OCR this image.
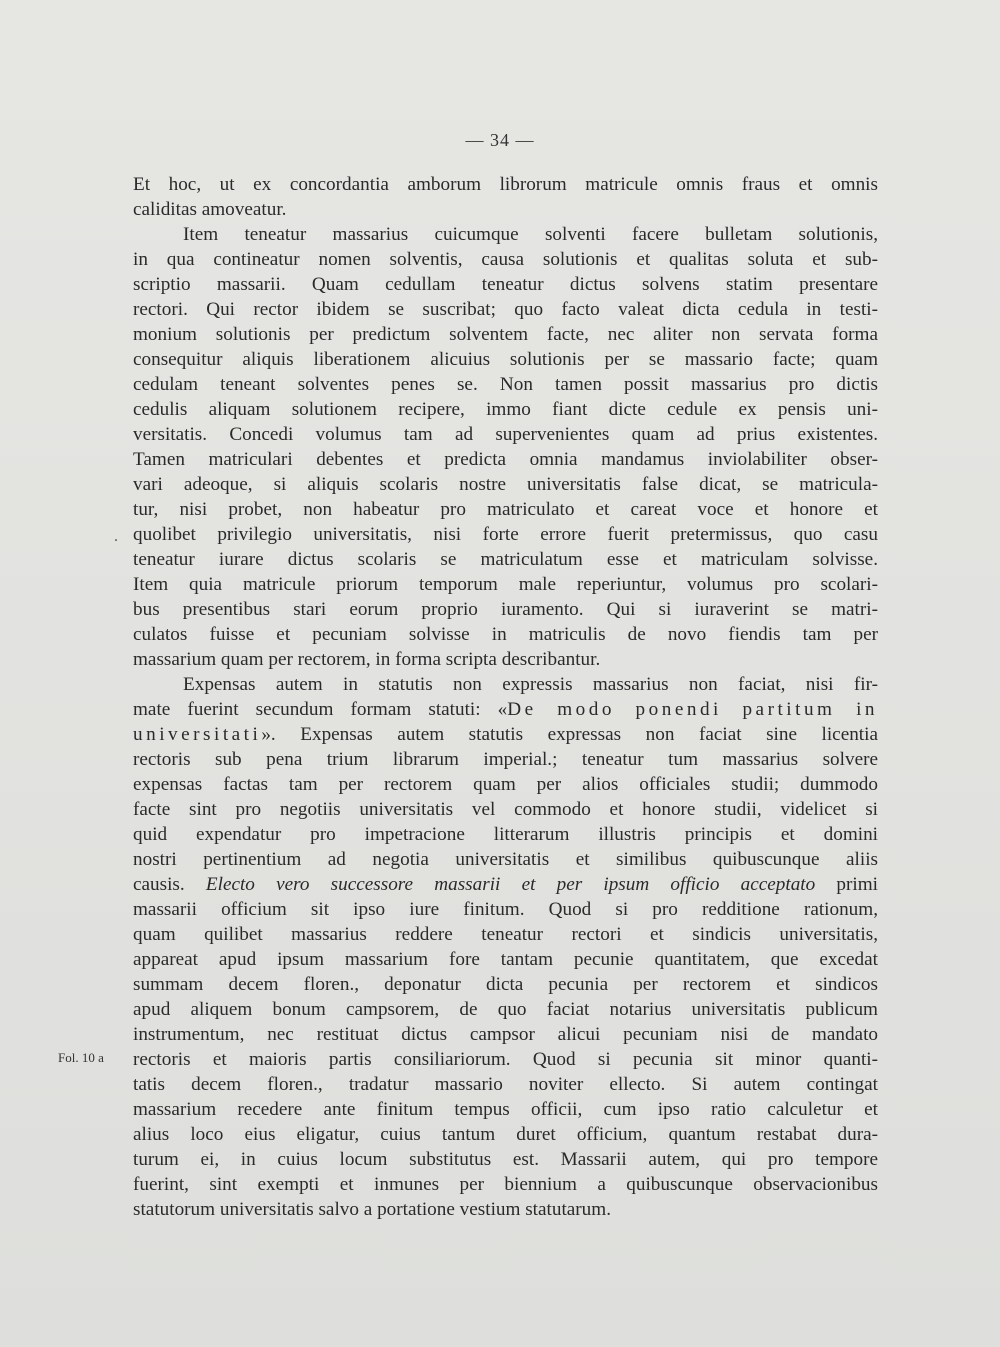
— 34 —
.
Fol. 10 a
Et hoc, ut ex concordantia amborum librorum matricule omnis fraus et omnis
caliditas amoveatur.
Item teneatur massarius cuicumque solventi facere bulletam solutionis,
in qua contineatur nomen solventis, causa solutionis et qualitas soluta et sub-
scriptio massarii. Quam cedullam teneatur dictus solvens statim presentare
rectori. Qui rector ibidem se suscribat; quo facto valeat dicta cedula in testi-
monium solutionis per predictum solventem facte, nec aliter non servata forma
consequitur aliquis liberationem alicuius solutionis per se massario facte; quam
cedulam teneant solventes penes se. Non tamen possit massarius pro dictis
cedulis aliquam solutionem recipere, immo fiant dicte cedule ex pensis uni-
versitatis. Concedi volumus tam ad supervenientes quam ad prius existentes.
Tamen matriculari debentes et predicta omnia mandamus inviolabiliter obser-
vari adeoque, si aliquis scolaris nostre universitatis false dicat, se matricula-
tur, nisi probet, non habeatur pro matriculato et careat voce et honore et
quolibet privilegio universitatis, nisi forte errore fuerit pretermissus, quo casu
teneatur iurare dictus scolaris se matriculatum esse et matriculam solvisse.
Item quia matricule priorum temporum male reperiuntur, volumus pro scolari-
bus presentibus stari eorum proprio iuramento. Qui si iuraverint se matri-
culatos fuisse et pecuniam solvisse in matriculis de novo fiendis tam per
massarium quam per rectorem, in forma scripta describantur.
Expensas autem in statutis non expressis massarius non faciat, nisi fir-
mate fuerint secundum formam statuti: «De modo ponendi partitum in
universitati». Expensas autem statutis expressas non faciat sine licentia
rectoris sub pena trium librarum imperial.; teneatur tum massarius solvere
expensas factas tam per rectorem quam per alios officiales studii; dummodo
facte sint pro negotiis universitatis vel commodo et honore studii, videlicet si
quid expendatur pro impetracione litterarum illustris principis et domini
nostri pertinentium ad negotia universitatis et similibus quibuscunque aliis
causis. Electo vero successore massarii et per ipsum officio acceptato primi
massarii officium sit ipso iure finitum. Quod si pro redditione rationum,
quam quilibet massarius reddere teneatur rectori et sindicis universitatis,
appareat apud ipsum massarium fore tantam pecunie quantitatem, que excedat
summam decem floren., deponatur dicta pecunia per rectorem et sindicos
apud aliquem bonum campsorem, de quo faciat notarius universitatis publicum
instrumentum, nec restituat dictus campsor alicui pecuniam nisi de mandato
rectoris et maioris partis consiliariorum. Quod si pecunia sit minor quanti-
tatis decem floren., tradatur massario noviter ellecto. Si autem contingat
massarium recedere ante finitum tempus officii, cum ipso ratio calculetur et
alius loco eius eligatur, cuius tantum duret officium, quantum restabat dura-
turum ei, in cuius locum substitutus est. Massarii autem, qui pro tempore
fuerint, sint exempti et inmunes per biennium a quibuscunque observacionibus
statutorum universitatis salvo a portatione vestium statutarum.
